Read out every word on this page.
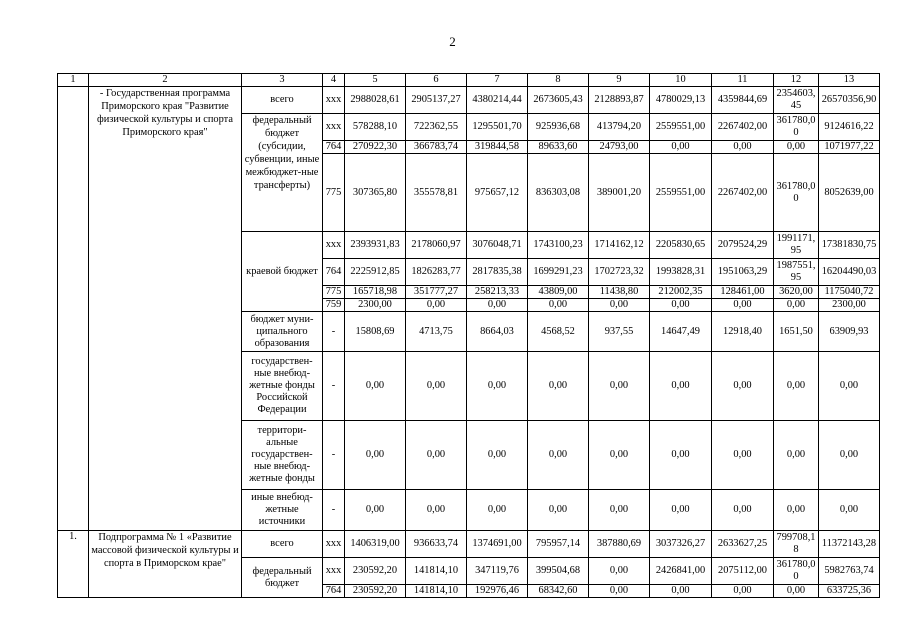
2
1	2	3	4	5	6	7	8	9	10	11	12	13
	- Государственная программа Приморского края "Развитие физической культуры и спорта Приморского края"	всего	ххх	2988028,61	2905137,27	4380214,44	2673605,43	2128893,87	4780029,13	4359844,69	2354603,45	26570356,90
		федеральный бюджет (субсидии, субвенции, иные межбюджет-ные трансферты)	ххх	578288,10	722362,55	1295501,70	925936,68	413794,20	2559551,00	2267402,00	361780,00	9124616,22
			764	270922,30	366783,74	319844,58	89633,60	24793,00	0,00	0,00	0,00	1071977,22
			775	307365,80	355578,81	975657,12	836303,08	389001,20	2559551,00	2267402,00	361780,00	8052639,00
		краевой бюджет	ххх	2393931,83	2178060,97	3076048,71	1743100,23	1714162,12	2205830,65	2079524,29	1991171,95	17381830,75
			764	2225912,85	1826283,77	2817835,38	1699291,23	1702723,32	1993828,31	1951063,29	1987551,95	16204490,03
			775	165718,98	351777,27	258213,33	43809,00	11438,80	212002,35	128461,00	3620,00	1175040,72
			759	2300,00	0,00	0,00	0,00	0,00	0,00	0,00	0,00	2300,00
		бюджет муни-ципального образования	-	15808,69	4713,75	8664,03	4568,52	937,55	14647,49	12918,40	1651,50	63909,93
		государствен-ные внебюд-жетные фонды Российской Федерации	-	0,00	0,00	0,00	0,00	0,00	0,00	0,00	0,00	0,00
		территори-альные государствен-ные внебюд-жетные фонды	-	0,00	0,00	0,00	0,00	0,00	0,00	0,00	0,00	0,00
		иные внебюд-жетные источники	-	0,00	0,00	0,00	0,00	0,00	0,00	0,00	0,00	0,00
1.	Подпрограмма № 1 «Развитие массовой физической культуры и спорта в Приморском крае"	всего	ххх	1406319,00	936633,74	1374691,00	795957,14	387880,69	3037326,27	2633627,25	799708,18	11372143,28
		федеральный бюджет	ххх	230592,20	141814,10	347119,76	399504,68	0,00	2426841,00	2075112,00	361780,00	5982763,74
			764	230592,20	141814,10	192976,46	68342,60	0,00	0,00	0,00	0,00	633725,36
